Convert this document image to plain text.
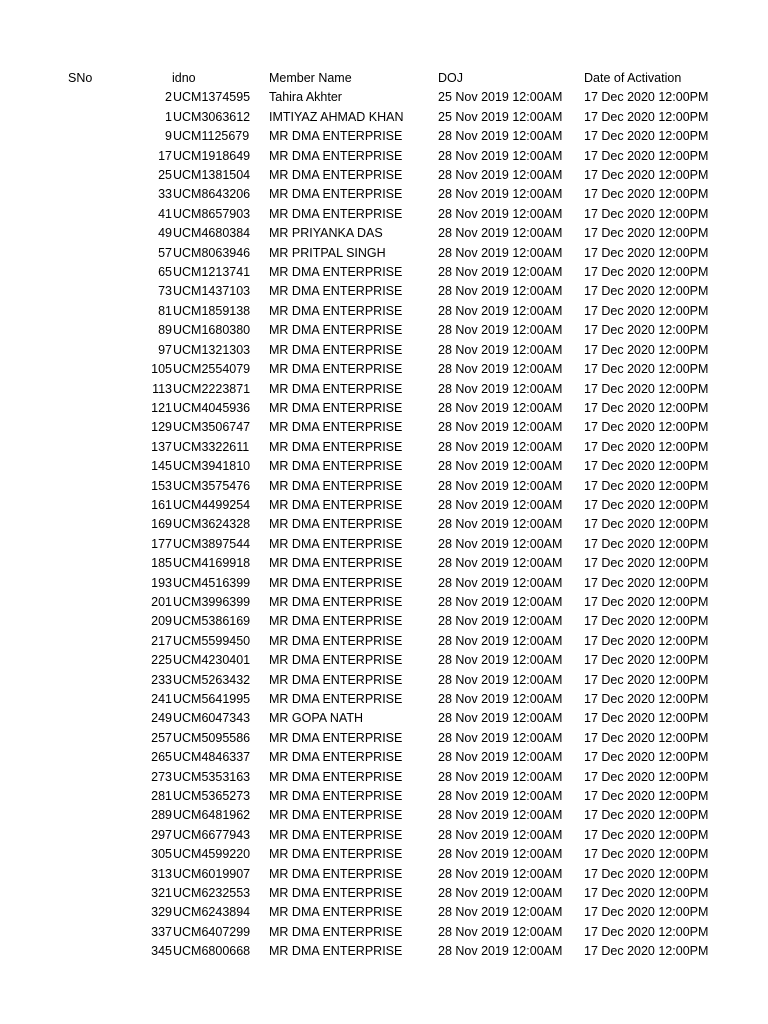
SNo	idno	Member Name	DOJ	Date of Activation
2	UCM1374595	Tahira Akhter	25 Nov 2019 12:00AM	17 Dec 2020 12:00PM
1	UCM3063612	IMTIYAZ AHMAD KHAN	25 Nov 2019 12:00AM	17 Dec 2020 12:00PM
9	UCM1125679	MR DMA ENTERPRISE	28 Nov 2019 12:00AM	17 Dec 2020 12:00PM
17	UCM1918649	MR DMA ENTERPRISE	28 Nov 2019 12:00AM	17 Dec 2020 12:00PM
25	UCM1381504	MR DMA ENTERPRISE	28 Nov 2019 12:00AM	17 Dec 2020 12:00PM
33	UCM8643206	MR DMA ENTERPRISE	28 Nov 2019 12:00AM	17 Dec 2020 12:00PM
41	UCM8657903	MR DMA ENTERPRISE	28 Nov 2019 12:00AM	17 Dec 2020 12:00PM
49	UCM4680384	MR PRIYANKA DAS	28 Nov 2019 12:00AM	17 Dec 2020 12:00PM
57	UCM8063946	MR PRITPAL SINGH	28 Nov 2019 12:00AM	17 Dec 2020 12:00PM
65	UCM1213741	MR DMA ENTERPRISE	28 Nov 2019 12:00AM	17 Dec 2020 12:00PM
73	UCM1437103	MR DMA ENTERPRISE	28 Nov 2019 12:00AM	17 Dec 2020 12:00PM
81	UCM1859138	MR DMA ENTERPRISE	28 Nov 2019 12:00AM	17 Dec 2020 12:00PM
89	UCM1680380	MR DMA ENTERPRISE	28 Nov 2019 12:00AM	17 Dec 2020 12:00PM
97	UCM1321303	MR DMA ENTERPRISE	28 Nov 2019 12:00AM	17 Dec 2020 12:00PM
105	UCM2554079	MR DMA ENTERPRISE	28 Nov 2019 12:00AM	17 Dec 2020 12:00PM
113	UCM2223871	MR DMA ENTERPRISE	28 Nov 2019 12:00AM	17 Dec 2020 12:00PM
121	UCM4045936	MR DMA ENTERPRISE	28 Nov 2019 12:00AM	17 Dec 2020 12:00PM
129	UCM3506747	MR DMA ENTERPRISE	28 Nov 2019 12:00AM	17 Dec 2020 12:00PM
137	UCM3322611	MR DMA ENTERPRISE	28 Nov 2019 12:00AM	17 Dec 2020 12:00PM
145	UCM3941810	MR DMA ENTERPRISE	28 Nov 2019 12:00AM	17 Dec 2020 12:00PM
153	UCM3575476	MR DMA ENTERPRISE	28 Nov 2019 12:00AM	17 Dec 2020 12:00PM
161	UCM4499254	MR DMA ENTERPRISE	28 Nov 2019 12:00AM	17 Dec 2020 12:00PM
169	UCM3624328	MR DMA ENTERPRISE	28 Nov 2019 12:00AM	17 Dec 2020 12:00PM
177	UCM3897544	MR DMA ENTERPRISE	28 Nov 2019 12:00AM	17 Dec 2020 12:00PM
185	UCM4169918	MR DMA ENTERPRISE	28 Nov 2019 12:00AM	17 Dec 2020 12:00PM
193	UCM4516399	MR DMA ENTERPRISE	28 Nov 2019 12:00AM	17 Dec 2020 12:00PM
201	UCM3996399	MR DMA ENTERPRISE	28 Nov 2019 12:00AM	17 Dec 2020 12:00PM
209	UCM5386169	MR DMA ENTERPRISE	28 Nov 2019 12:00AM	17 Dec 2020 12:00PM
217	UCM5599450	MR DMA ENTERPRISE	28 Nov 2019 12:00AM	17 Dec 2020 12:00PM
225	UCM4230401	MR DMA ENTERPRISE	28 Nov 2019 12:00AM	17 Dec 2020 12:00PM
233	UCM5263432	MR DMA ENTERPRISE	28 Nov 2019 12:00AM	17 Dec 2020 12:00PM
241	UCM5641995	MR DMA ENTERPRISE	28 Nov 2019 12:00AM	17 Dec 2020 12:00PM
249	UCM6047343	MR GOPA NATH	28 Nov 2019 12:00AM	17 Dec 2020 12:00PM
257	UCM5095586	MR DMA ENTERPRISE	28 Nov 2019 12:00AM	17 Dec 2020 12:00PM
265	UCM4846337	MR DMA ENTERPRISE	28 Nov 2019 12:00AM	17 Dec 2020 12:00PM
273	UCM5353163	MR DMA ENTERPRISE	28 Nov 2019 12:00AM	17 Dec 2020 12:00PM
281	UCM5365273	MR DMA ENTERPRISE	28 Nov 2019 12:00AM	17 Dec 2020 12:00PM
289	UCM6481962	MR DMA ENTERPRISE	28 Nov 2019 12:00AM	17 Dec 2020 12:00PM
297	UCM6677943	MR DMA ENTERPRISE	28 Nov 2019 12:00AM	17 Dec 2020 12:00PM
305	UCM4599220	MR DMA ENTERPRISE	28 Nov 2019 12:00AM	17 Dec 2020 12:00PM
313	UCM6019907	MR DMA ENTERPRISE	28 Nov 2019 12:00AM	17 Dec 2020 12:00PM
321	UCM6232553	MR DMA ENTERPRISE	28 Nov 2019 12:00AM	17 Dec 2020 12:00PM
329	UCM6243894	MR DMA ENTERPRISE	28 Nov 2019 12:00AM	17 Dec 2020 12:00PM
337	UCM6407299	MR DMA ENTERPRISE	28 Nov 2019 12:00AM	17 Dec 2020 12:00PM
345	UCM6800668	MR DMA ENTERPRISE	28 Nov 2019 12:00AM	17 Dec 2020 12:00PM
